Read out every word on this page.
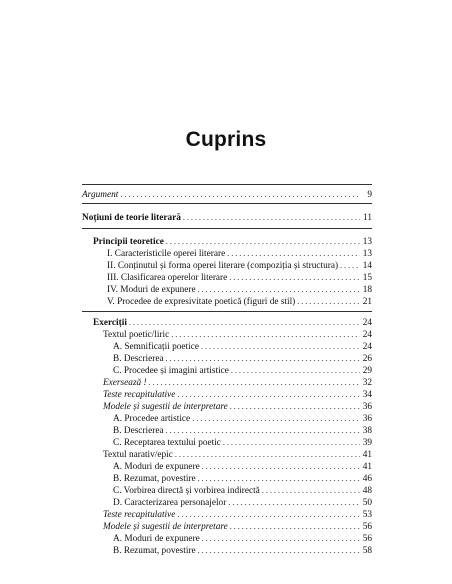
Cuprins
Argument . . .	9
Noțiuni de teorie literară . . .	11
Principii teoretice . . .	13
I. Caracteristicile operei literare . . .	13
II. Conținutul și forma operei literare (compoziția și structura) . . .	14
III. Clasificarea operelor literare . . .	15
IV. Moduri de expunere . . .	18
V. Procedee de expresivitate poetică (figuri de stil) . . .	21
Exerciții . . .	24
Textul poetic/liric . . .	24
A. Semnificații poetice . . .	24
B. Descrierea . . .	26
C. Procedee și imagini artistice . . .	29
Exersează ! . . .	32
Teste recapitulative . . .	34
Modele și sugestii de interpretare . . .	36
A. Procedee artistice . . .	36
B. Descrierea . . .	38
C. Receptarea textului poetic . . .	39
Textul narativ/epic . . .	41
A. Moduri de expunere . . .	41
B. Rezumat, povestire . . .	46
C. Vorbirea directă și vorbirea indirectă . . .	48
D. Caracterizarea personajelor . . .	50
Teste recapitulative . . .	53
Modele și sugestii de interpretare . . .	56
A. Moduri de expunere . . .	56
B. Rezumat, povestire . . .	58
